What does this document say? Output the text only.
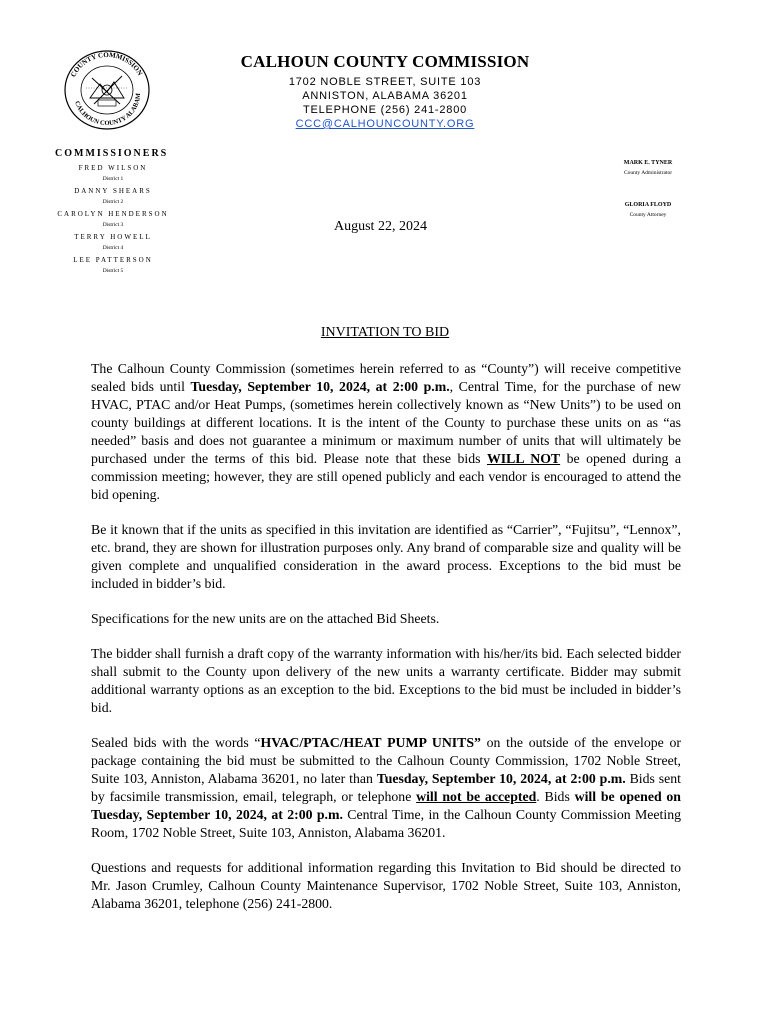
COUNTY COMMISSION
CALHOUN COUNTY ALABAM
CALHOUN COUNTY COMMISSION
1702 NOBLE STREET, SUITE 103
ANNISTON, ALABAMA 36201
TELEPHONE (256) 241-2800
CCC@CALHOUNCOUNTY.ORG
COMMISSIONERS
FRED WILSON
District 1
DANNY SHEARS
District 2
CAROLYN HENDERSON
District 3
TERRY HOWELL
District 4
LEE PATTERSON
District 5
MARK E. TYNER
County Administrator
GLORIA FLOYD
County Attorney
August 22, 2024
INVITATION TO BID

The Calhoun County Commission (sometimes herein referred to as “County”) will receive competitive sealed bids until Tuesday, September 10, 2024, at 2:00 p.m., Central Time, for the purchase of new HVAC, PTAC and/or Heat Pumps, (sometimes herein collectively known as “New Units”) to be used on county buildings at different locations. It is the intent of the County to purchase these units on as “as needed” basis and does not guarantee a minimum or maximum number of units that will ultimately be purchased under the terms of this bid. Please note that these bids WILL NOT be opened during a commission meeting; however, they are still opened publicly and each vendor is encouraged to attend the bid opening.

Be it known that if the units as specified in this invitation are identified as “Carrier”, “Fujitsu”, “Lennox”, etc. brand, they are shown for illustration purposes only. Any brand of comparable size and quality will be given complete and unqualified consideration in the award process. Exceptions to the bid must be included in bidder’s bid.

Specifications for the new units are on the attached Bid Sheets.

The bidder shall furnish a draft copy of the warranty information with his/her/its bid. Each selected bidder shall submit to the County upon delivery of the new units a warranty certificate. Bidder may submit additional warranty options as an exception to the bid. Exceptions to the bid must be included in bidder’s bid.

Sealed bids with the words “HVAC/PTAC/HEAT PUMP UNITS” on the outside of the envelope or package containing the bid must be submitted to the Calhoun County Commission, 1702 Noble Street, Suite 103, Anniston, Alabama 36201, no later than Tuesday, September 10, 2024, at 2:00 p.m. Bids sent by facsimile transmission, email, telegraph, or telephone will not be accepted. Bids will be opened on Tuesday, September 10, 2024, at 2:00 p.m. Central Time, in the Calhoun County Commission Meeting Room, 1702 Noble Street, Suite 103, Anniston, Alabama 36201.

Questions and requests for additional information regarding this Invitation to Bid should be directed to Mr. Jason Crumley, Calhoun County Maintenance Supervisor, 1702 Noble Street, Suite 103, Anniston, Alabama 36201, telephone (256) 241-2800.
